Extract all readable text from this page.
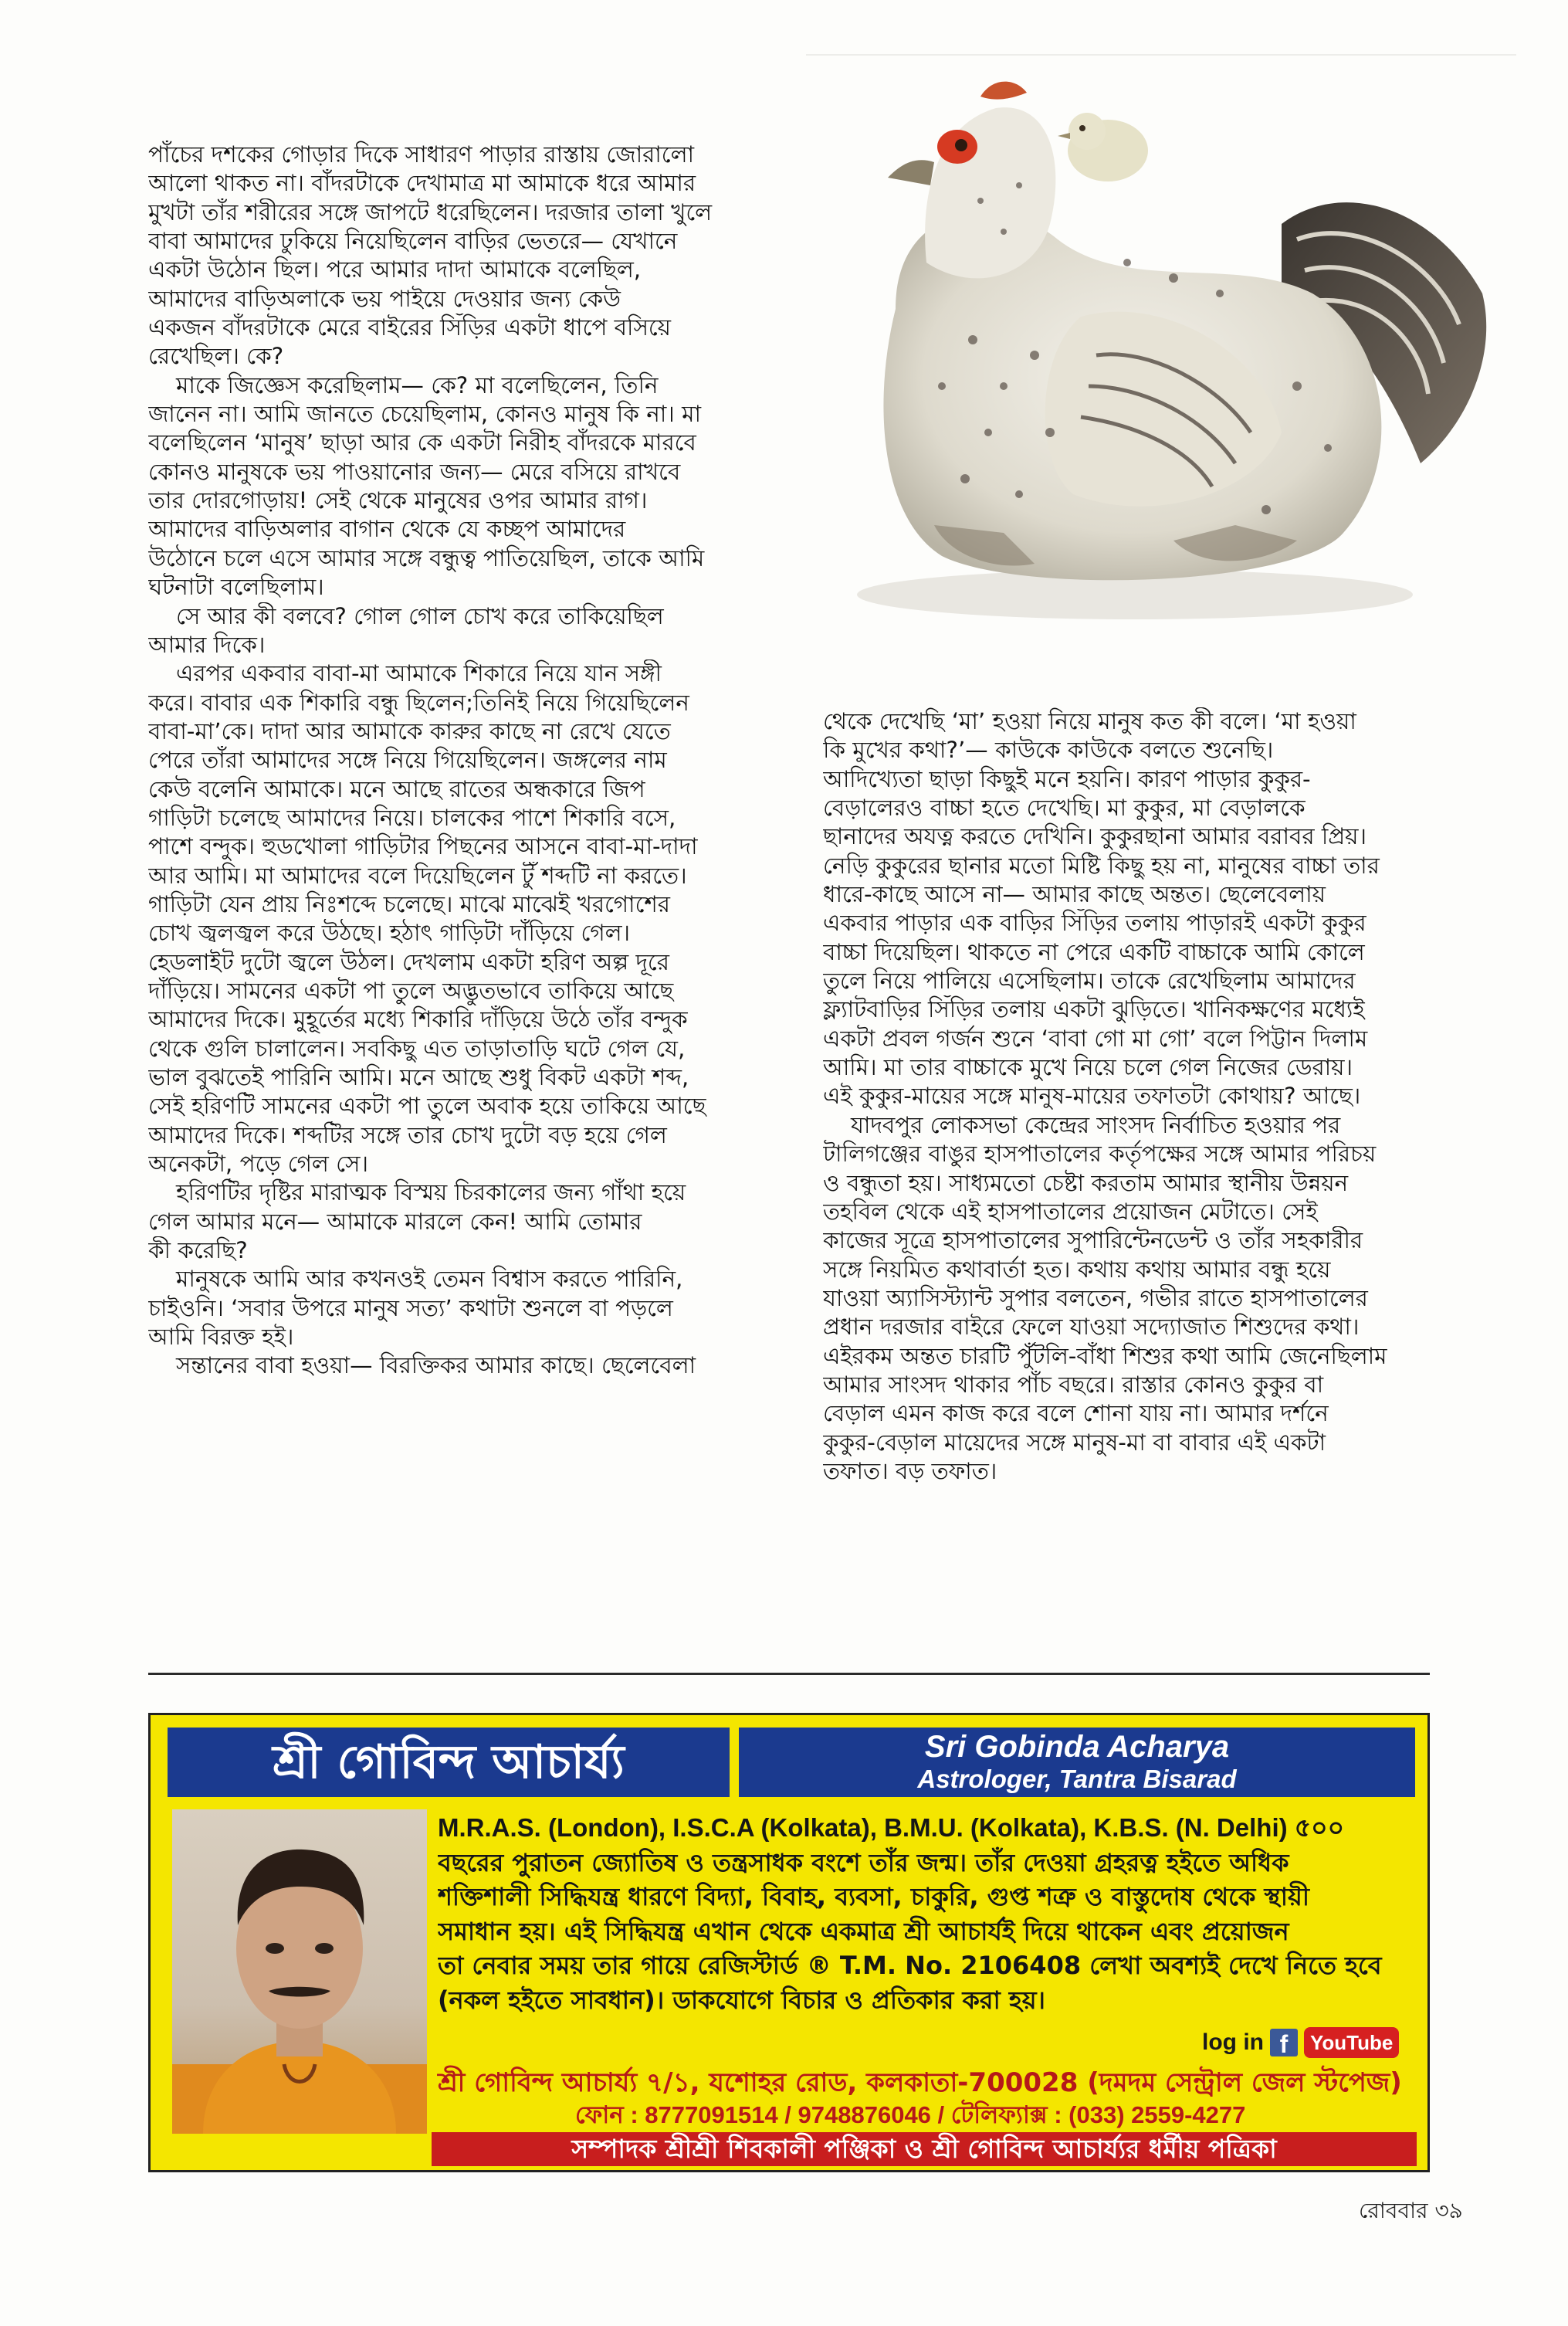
পাঁচের দশকের গোড়ার দিকে সাধারণ পাড়ার রাস্তায় জোরালো

আলো থাকত না। বাঁদরটাকে দেখামাত্র মা আমাকে ধরে আমার

মুখটা তাঁর শরীরের সঙ্গে জাপটে ধরেছিলেন। দরজার তালা খুলে

বাবা আমাদের ঢুকিয়ে নিয়েছিলেন বাড়ির ভেতরে— যেখানে

একটা উঠোন ছিল। পরে আমার দাদা আমাকে বলেছিল,

আমাদের বাড়িঅলাকে ভয় পাইয়ে দেওয়ার জন্য কেউ

একজন বাঁদরটাকে মেরে বাইরের সিঁড়ির একটা ধাপে বসিয়ে

রেখেছিল। কে?

মাকে জিজ্ঞেস করেছিলাম— কে? মা বলেছিলেন, তিনি

জানেন না। আমি জানতে চেয়েছিলাম, কোনও মানুষ কি না। মা

বলেছিলেন ‘মানুষ’ ছাড়া আর কে একটা নিরীহ বাঁদরকে মারবে

কোনও মানুষকে ভয় পাওয়ানোর জন্য— মেরে বসিয়ে রাখবে

তার দোরগোড়ায়! সেই থেকে মানুষের ওপর আমার রাগ।

আমাদের বাড়িঅলার বাগান থেকে যে কচ্ছপ আমাদের

উঠোনে চলে এসে আমার সঙ্গে বন্ধুত্ব পাতিয়েছিল, তাকে আমি

ঘটনাটা বলেছিলাম।

সে আর কী বলবে? গোল গোল চোখ করে তাকিয়েছিল

আমার দিকে।

এরপর একবার বাবা-মা আমাকে শিকারে নিয়ে যান সঙ্গী

করে। বাবার এক শিকারি বন্ধু ছিলেন;তিনিই নিয়ে গিয়েছিলেন

বাবা-মা’কে। দাদা আর আমাকে কারুর কাছে না রেখে যেতে

পেরে তাঁরা আমাদের সঙ্গে নিয়ে গিয়েছিলেন। জঙ্গলের নাম

কেউ বলেনি আমাকে। মনে আছে রাতের অন্ধকারে জিপ

গাড়িটা চলেছে আমাদের নিয়ে। চালকের পাশে শিকারি বসে,

পাশে বন্দুক। হুডখোলা গাড়িটার পিছনের আসনে বাবা-মা-দাদা

আর আমি। মা আমাদের বলে দিয়েছিলেন টুঁ শব্দটি না করতে।

গাড়িটা যেন প্রায় নিঃশব্দে চলেছে। মাঝে মাঝেই খরগোশের

চোখ জ্বলজ্বল করে উঠছে। হঠাৎ গাড়িটা দাঁড়িয়ে গেল।

হেডলাইট দুটো জ্বলে উঠল। দেখলাম একটা হরিণ অল্প দূরে

দাঁড়িয়ে। সামনের একটা পা তুলে অদ্ভুতভাবে তাকিয়ে আছে

আমাদের দিকে। মুহূর্তের মধ্যে শিকারি দাঁড়িয়ে উঠে তাঁর বন্দুক

থেকে গুলি চালালেন। সবকিছু এত তাড়াতাড়ি ঘটে গেল যে,

ভাল বুঝতেই পারিনি আমি। মনে আছে শুধু বিকট একটা শব্দ,

সেই হরিণটি সামনের একটা পা তুলে অবাক হয়ে তাকিয়ে আছে

আমাদের দিকে। শব্দটির সঙ্গে তার চোখ দুটো বড় হয়ে গেল

অনেকটা, পড়ে গেল সে।

হরিণটির দৃষ্টির মারাত্মক বিস্ময় চিরকালের জন্য গাঁথা হয়ে

গেল আমার মনে— আমাকে মারলে কেন! আমি তোমার

কী করেছি?

মানুষকে আমি আর কখনওই তেমন বিশ্বাস করতে পারিনি,

চাইওনি। ‘সবার উপরে মানুষ সত্য’ কথাটা শুনলে বা পড়লে

আমি বিরক্ত হই।

সন্তানের বাবা হওয়া— বিরক্তিকর আমার কাছে। ছেলেবেলা

থেকে দেখেছি ‘মা’ হওয়া নিয়ে মানুষ কত কী বলে। ‘মা হওয়া

কি মুখের কথা?’— কাউকে কাউকে বলতে শুনেছি।

আদিখ্যেতা ছাড়া কিছুই মনে হয়নি। কারণ পাড়ার কুকুর-

বেড়ালেরও বাচ্চা হতে দেখেছি। মা কুকুর, মা বেড়ালকে

ছানাদের অযত্ন করতে দেখিনি। কুকুরছানা আমার বরাবর প্রিয়।

নেড়ি কুকুরের ছানার মতো মিষ্টি কিছু হয় না, মানুষের বাচ্চা তার

ধারে-কাছে আসে না— আমার কাছে অন্তত। ছেলেবেলায়

একবার পাড়ার এক বাড়ির সিঁড়ির তলায় পাড়ারই একটা কুকুর

বাচ্চা দিয়েছিল। থাকতে না পেরে একটি বাচ্চাকে আমি কোলে

তুলে নিয়ে পালিয়ে এসেছিলাম। তাকে রেখেছিলাম আমাদের

ফ্ল্যাটবাড়ির সিঁড়ির তলায় একটা ঝুড়িতে। খানিকক্ষণের মধ্যেই

একটা প্রবল গর্জন শুনে ‘বাবা গো মা গো’ বলে পিট্টান দিলাম

আমি। মা তার বাচ্চাকে মুখে নিয়ে চলে গেল নিজের ডেরায়।

এই কুকুর-মায়ের সঙ্গে মানুষ-মায়ের তফাতটা কোথায়? আছে।

যাদবপুর লোকসভা কেন্দ্রের সাংসদ নির্বাচিত হওয়ার পর

টালিগঞ্জের বাঙুর হাসপাতালের কর্তৃপক্ষের সঙ্গে আমার পরিচয়

ও বন্ধুতা হয়। সাধ্যমতো চেষ্টা করতাম আমার স্থানীয় উন্নয়ন

তহবিল থেকে এই হাসপাতালের প্রয়োজন মেটাতে। সেই

কাজের সূত্রে হাসপাতালের সুপারিন্টেনডেন্ট ও তাঁর সহকারীর

সঙ্গে নিয়মিত কথাবার্তা হত। কথায় কথায় আমার বন্ধু হয়ে

যাওয়া অ্যাসিস্ট্যান্ট সুপার বলতেন, গভীর রাতে হাসপাতালের

প্রধান দরজার বাইরে ফেলে যাওয়া সদ্যোজাত শিশুদের কথা।

এইরকম অন্তত চারটি পুঁটলি-বাঁধা শিশুর কথা আমি জেনেছিলাম

আমার সাংসদ থাকার পাঁচ বছরে। রাস্তার কোনও কুকুর বা

বেড়াল এমন কাজ করে বলে শোনা যায় না। আমার দর্শনে

কুকুর-বেড়াল মায়েদের সঙ্গে মানুষ-মা বা বাবার এই একটা

তফাত। বড় তফাত।

শ্রী গোবিন্দ আচার্য্য	Sri Gobinda Acharya
Astrologer, Tantra Bisarad

M.R.A.S. (London), I.S.C.A (Kolkata), B.M.U. (Kolkata), K.B.S. (N. Delhi) ৫০০

বছরের পুরাতন জ্যোতিষ ও তন্ত্রসাধক বংশে তাঁর জন্ম। তাঁর দেওয়া গ্রহরত্ন হইতে অধিক

শক্তিশালী সিদ্ধিযন্ত্র ধারণে বিদ্যা, বিবাহ, ব্যবসা, চাকুরি, গুপ্ত শত্রু ও বাস্তুদোষ থেকে স্থায়ী

সমাধান হয়। এই সিদ্ধিযন্ত্র এখান থেকে একমাত্র শ্রী আচার্যই দিয়ে থাকেন এবং প্রয়োজন

তা নেবার সময় তার গায়ে রেজিস্টার্ড ® T.M. No. 2106408 লেখা অবশ্যই দেখে নিতে হবে

(নকল হইতে সাবধান)। ডাকযোগে বিচার ও প্রতিকার করা হয়।

log in f	YouTube
শ্রী গোবিন্দ আচার্য্য ৭/১, যশোহর রোড, কলকাতা-700028 (দমদম সেন্ট্রাল জেল স্টপেজ)
ফোন : 8777091514 / 9748876046 / টেলিফ্যাক্স : (033) 2559-4277
সম্পাদক শ্রীশ্রী শিবকালী পঞ্জিকা ও শ্রী গোবিন্দ আচার্য্যর ধর্মীয় পত্রিকা
রোববার ৩৯
